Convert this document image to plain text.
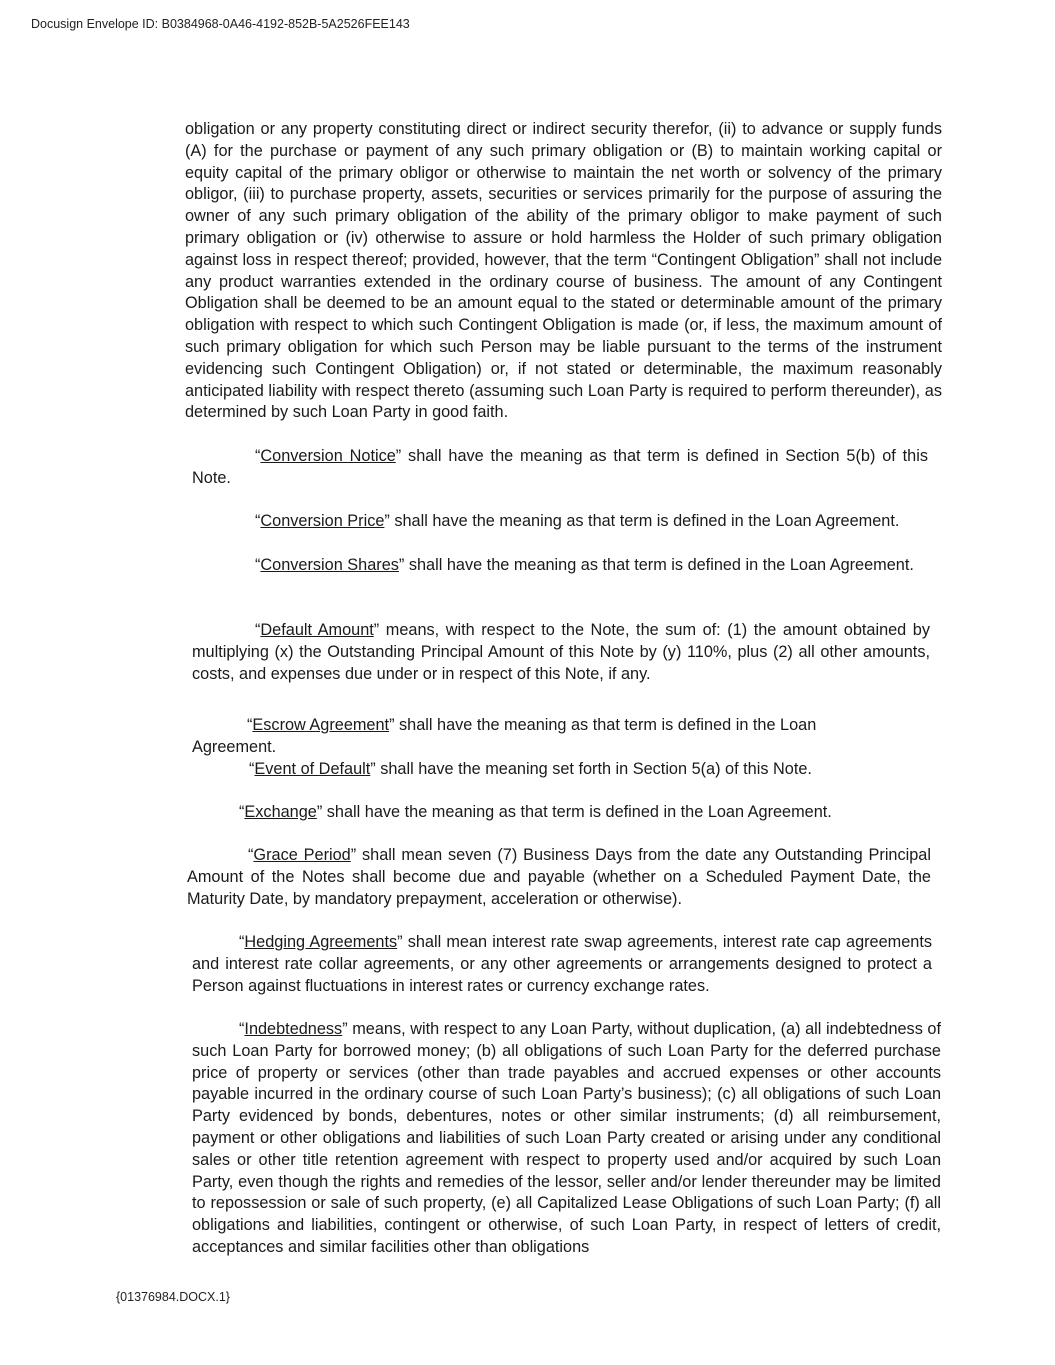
Docusign Envelope ID: B0384968-0A46-4192-852B-5A2526FEE143

obligation or any property constituting direct or indirect security therefor, (ii) to advance or supply funds (A) for the purchase or payment of any such primary obligation or (B) to maintain working capital or equity capital of the primary obligor or otherwise to maintain the net worth or solvency of the primary obligor, (iii) to purchase property, assets, securities or services primarily for the purpose of assuring the owner of any such primary obligation of the ability of the primary obligor to make payment of such primary obligation or (iv) otherwise to assure or hold harmless the Holder of such primary obligation against loss in respect thereof; provided, however, that the term “Contingent Obligation” shall not include any product warranties extended in the ordinary course of business. The amount of any Contingent Obligation shall be deemed to be an amount equal to the stated or determinable amount of the primary obligation with respect to which such Contingent Obligation is made (or, if less, the maximum amount of such primary obligation for which such Person may be liable pursuant to the terms of the instrument evidencing such Contingent Obligation) or, if not stated or determinable, the maximum reasonably anticipated liability with respect thereto (assuming such Loan Party is required to perform thereunder), as determined by such Loan Party in good faith.

“Conversion Notice” shall have the meaning as that term is defined in Section 5(b) of this Note.

“Conversion Price” shall have the meaning as that term is defined in the Loan Agreement.

“Conversion Shares” shall have the meaning as that term is defined in the Loan Agreement.

“Default Amount” means, with respect to the Note, the sum of: (1) the amount obtained by multiplying (x) the Outstanding Principal Amount of this Note by (y) 110%, plus (2) all other amounts, costs, and expenses due under or in respect of this Note, if any.

“Escrow Agreement” shall have the meaning as that term is defined in the Loan Agreement.

“Event of Default” shall have the meaning set forth in Section 5(a) of this Note.

“Exchange” shall have the meaning as that term is defined in the Loan Agreement.

“Grace Period” shall mean seven (7) Business Days from the date any Outstanding Principal Amount of the Notes shall become due and payable (whether on a Scheduled Payment Date, the Maturity Date, by mandatory prepayment, acceleration or otherwise).

“Hedging Agreements” shall mean interest rate swap agreements, interest rate cap agreements and interest rate collar agreements, or any other agreements or arrangements designed to protect a Person against fluctuations in interest rates or currency exchange rates.

“Indebtedness” means, with respect to any Loan Party, without duplication, (a) all indebtedness of such Loan Party for borrowed money; (b) all obligations of such Loan Party for the deferred purchase price of property or services (other than trade payables and accrued expenses or other accounts payable incurred in the ordinary course of such Loan Party’s business); (c) all obligations of such Loan Party evidenced by bonds, debentures, notes or other similar instruments; (d) all reimbursement, payment or other obligations and liabilities of such Loan Party created or arising under any conditional sales or other title retention agreement with respect to property used and/or acquired by such Loan Party, even though the rights and remedies of the lessor, seller and/or lender thereunder may be limited to repossession or sale of such property, (e) all Capitalized Lease Obligations of such Loan Party; (f) all obligations and liabilities, contingent or otherwise, of such Loan Party, in respect of letters of credit, acceptances and similar facilities other than obligations

{01376984.DOCX.1}
